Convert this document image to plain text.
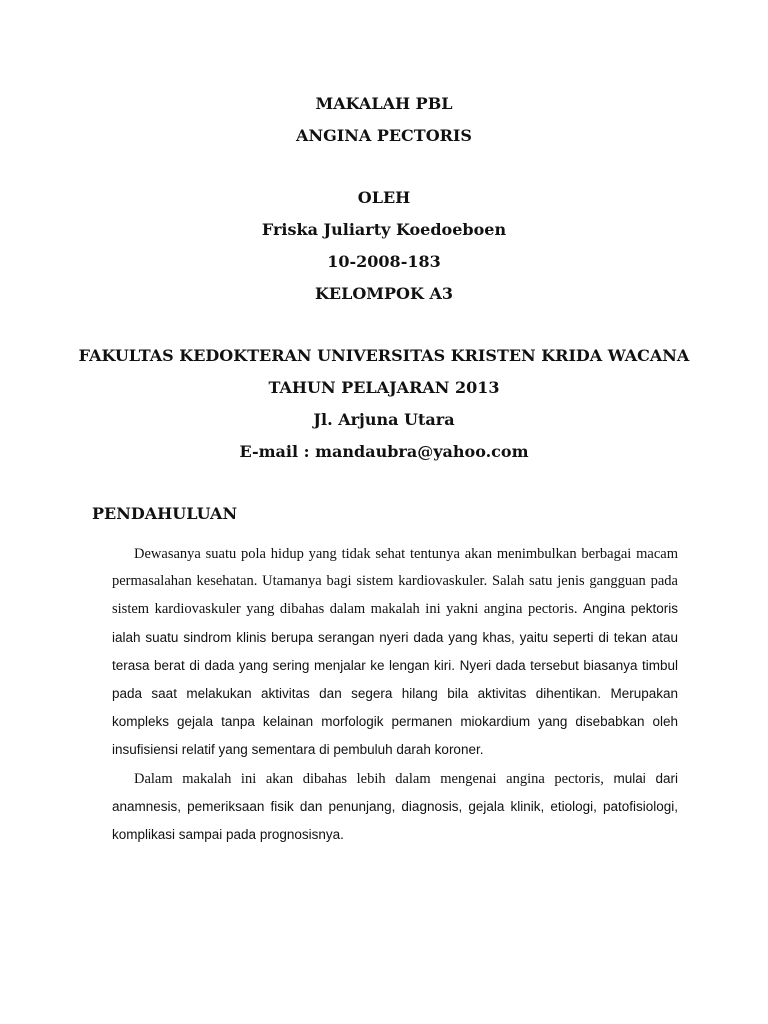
MAKALAH PBL
ANGINA PECTORIS
OLEH
Friska Juliarty Koedoeboen
10-2008-183
KELOMPOK A3
FAKULTAS KEDOKTERAN UNIVERSITAS KRISTEN KRIDA WACANA
TAHUN PELAJARAN 2013
Jl. Arjuna Utara
E-mail : mandaubra@yahoo.com
PENDAHULUAN

Dewasanya suatu pola hidup yang tidak sehat tentunya akan menimbulkan berbagai macam permasalahan kesehatan. Utamanya bagi sistem kardiovaskuler. Salah satu jenis gangguan pada sistem kardiovaskuler yang dibahas dalam makalah ini yakni angina pectoris. Angina pektoris ialah suatu sindrom klinis berupa serangan nyeri dada yang khas, yaitu seperti di tekan atau terasa berat di dada yang sering menjalar ke lengan kiri. Nyeri dada tersebut biasanya timbul pada saat melakukan aktivitas dan segera hilang bila aktivitas dihentikan. Merupakan kompleks gejala tanpa kelainan morfologik permanen miokardium yang disebabkan oleh insufisiensi relatif yang sementara di pembuluh darah koroner.

Dalam makalah ini akan dibahas lebih dalam mengenai angina pectoris, mulai dari anamnesis, pemeriksaan fisik dan penunjang, diagnosis, gejala klinik, etiologi, patofisiologi, komplikasi sampai pada prognosisnya.
